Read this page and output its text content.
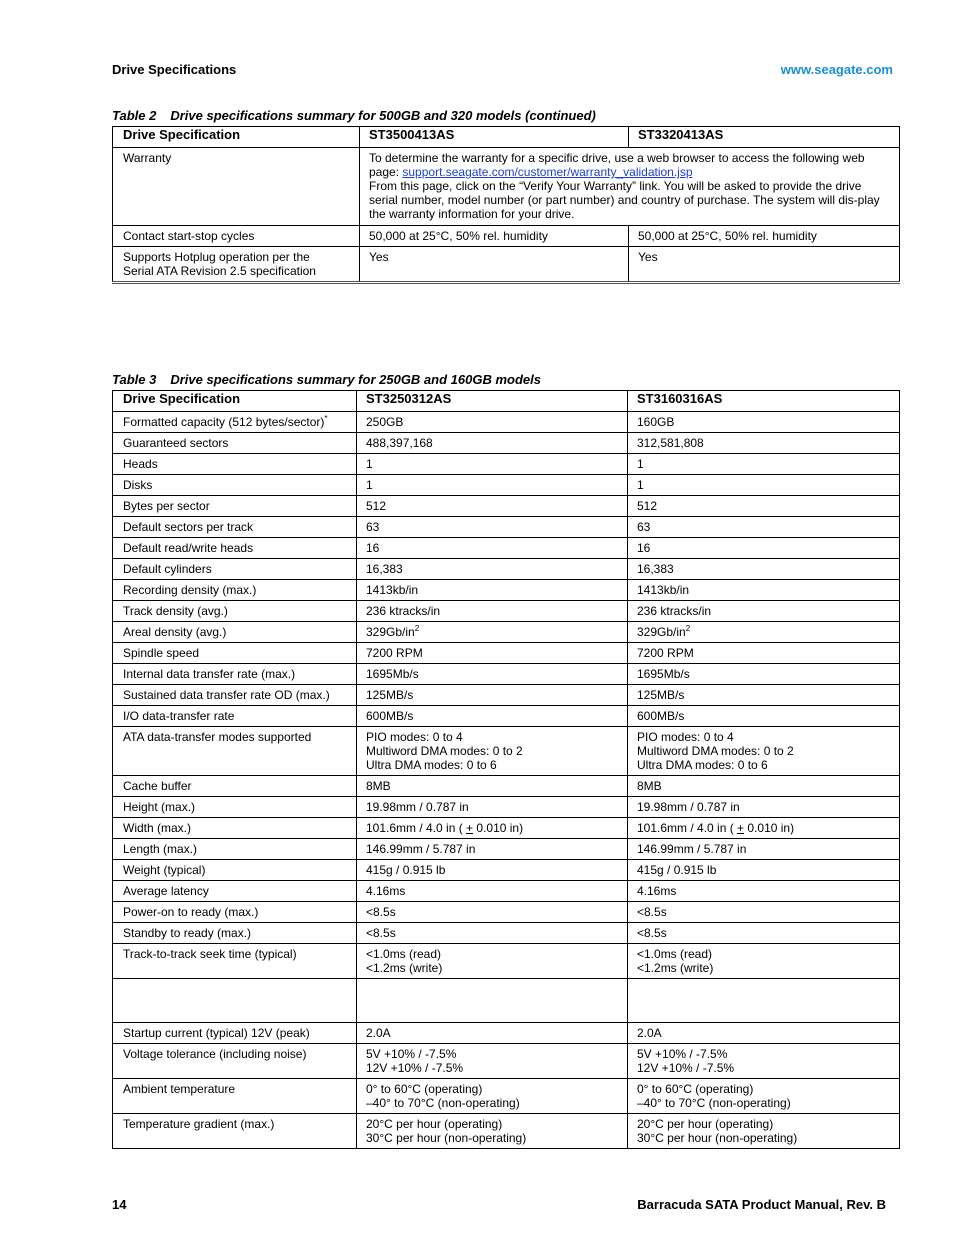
Drive Specifications	www.seagate.com
Table 2 Drive specifications summary for 500GB and 320 models (continued)
Drive Specification	ST3500413AS	ST3320413AS
Warranty	To determine the warranty for a specific drive, use a web browser to access the following web page: support.seagate.com/customer/warranty_validation.jsp
From this page, click on the “Verify Your Warranty” link. You will be asked to provide the drive serial number, model number (or part number) and country of purchase. The system will dis-play the warranty information for your drive.	
Contact start-stop cycles	50,000 at 25°C, 50% rel. humidity	50,000 at 25°C, 50% rel. humidity
Supports Hotplug operation per the
Serial ATA Revision 2.5 specification	Yes	Yes
Table 3 Drive specifications summary for 250GB and 160GB models
Drive Specification	ST3250312AS	ST3160316AS
Formatted capacity (512 bytes/sector)*	250GB	160GB
Guaranteed sectors	488,397,168	312,581,808
Heads	1	1
Disks	1	1
Bytes per sector	512	512
Default sectors per track	63	63
Default read/write heads	16	16
Default cylinders	16,383	16,383
Recording density (max.)	1413kb/in	1413kb/in
Track density (avg.)	236 ktracks/in	236 ktracks/in
Areal density (avg.)	$329Gb/in^2$	$329Gb/in^2$
Spindle speed	7200 RPM	7200 RPM
Internal data transfer rate (max.)	1695Mb/s	1695Mb/s
Sustained data transfer rate OD (max.)	125MB/s	125MB/s
I/O data-transfer rate	600MB/s	600MB/s
ATA data-transfer modes supported	PIO modes: 0 to 4
Multiword DMA modes: 0 to 2
Ultra DMA modes: 0 to 6	PIO modes: 0 to 4
Multiword DMA modes: 0 to 2
Ultra DMA modes: 0 to 6
Cache buffer	8MB	8MB
Height (max.)	19.98mm / 0.787 in	19.98mm / 0.787 in
Width (max.)	101.6mm / 4.0 in ( + 0.010 in)	101.6mm / 4.0 in ( + 0.010 in)
Length (max.)	146.99mm / 5.787 in	146.99mm / 5.787 in
Weight (typical)	415g / 0.915 lb	415g / 0.915 lb
Average latency	4.16ms	4.16ms
Power-on to ready (max.)	<8.5s	<8.5s
Standby to ready (max.)	<8.5s	<8.5s
Track-to-track seek time (typical)	<1.0ms (read)
<1.2ms (write)	<1.0ms (read)
<1.2ms (write)

Startup current (typical) 12V (peak)	2.0A	2.0A
Voltage tolerance (including noise)	5V +10% / -7.5%
12V +10% / -7.5%	5V +10% / -7.5%
12V +10% / -7.5%
Ambient temperature	0° to 60°C (operating)
–40° to 70°C (non-operating)	0° to 60°C (operating)
–40° to 70°C (non-operating)
Temperature gradient (max.)	20°C per hour (operating)
30°C per hour (non-operating)	20°C per hour (operating)
30°C per hour (non-operating)
14	Barracuda SATA Product Manual, Rev. B
